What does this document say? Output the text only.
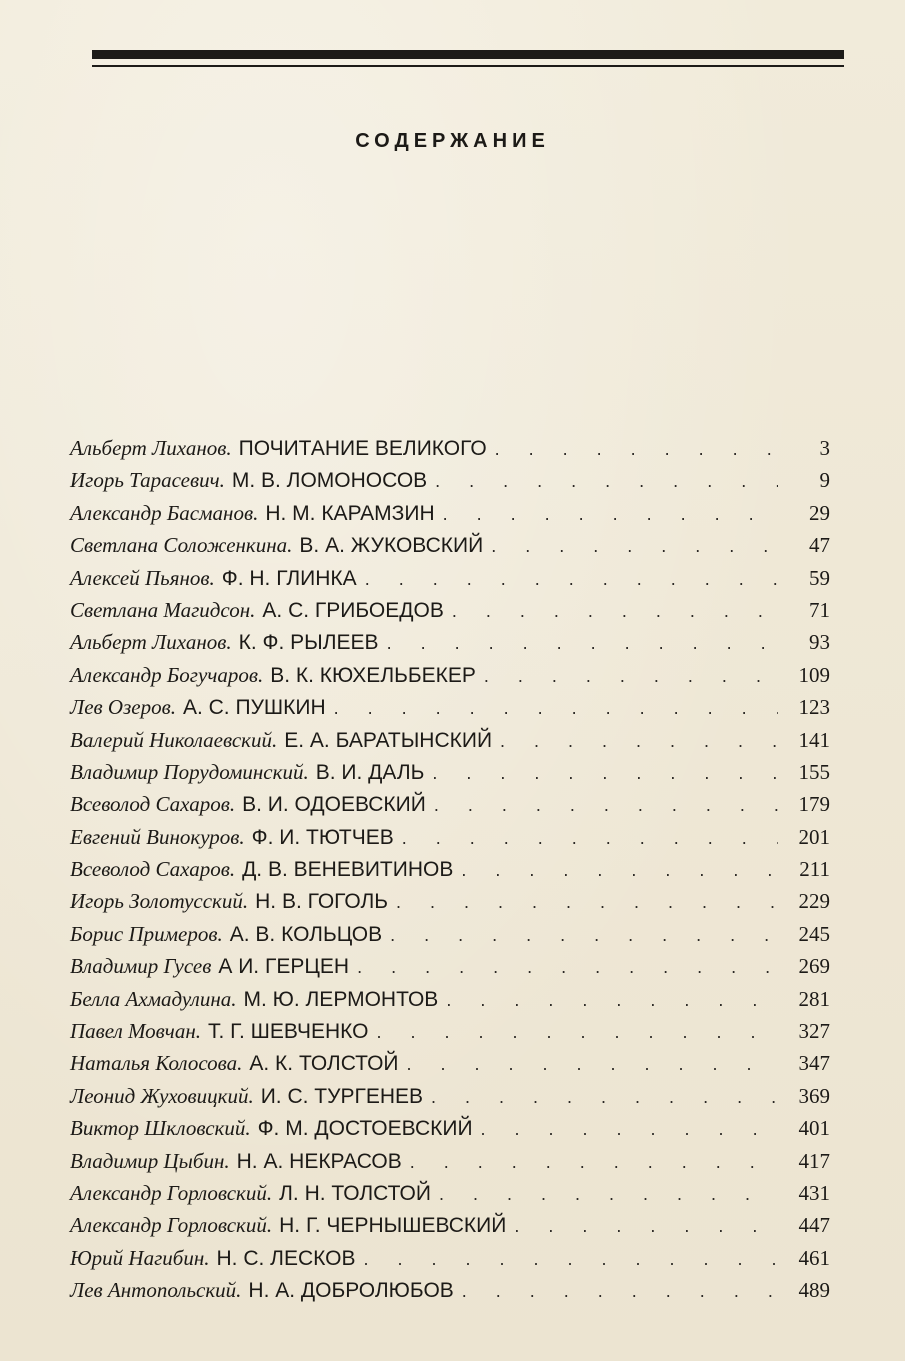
СОДЕРЖАНИЕ
Альберт Лиханов. ПОЧИТАНИЕ ВЕЛИКОГО . . .	3
Игорь Тарасевич. М. В. ЛОМОНОСОВ . . .	9
Александр Басманов. Н. М. КАРАМЗИН . . .	29
Светлана Соложенкина. В. А. ЖУКОВСКИЙ . . .	47
Алексей Пьянов. Ф. Н. ГЛИНКА . . .	59
Светлана Магидсон. А. С. ГРИБОЕДОВ . . .	71
Альберт Лиханов. К. Ф. РЫЛЕЕВ . . .	93
Александр Богучаров. В. К. КЮХЕЛЬБЕКЕР . . .	109
Лев Озеров. А. С. ПУШКИН . . .	123
Валерий Николаевский. Е. А. БАРАТЫНСКИЙ . . .	141
Владимир Порудоминский. В. И. ДАЛЬ . . .	155
Всеволод Сахаров. В. И. ОДОЕВСКИЙ . . .	179
Евгений Винокуров. Ф. И. ТЮТЧЕВ . . .	201
Всеволод Сахаров. Д. В. ВЕНЕВИТИНОВ . . .	211
Игорь Золотусский. Н. В. ГОГОЛЬ . . .	229
Борис Примеров. А. В. КОЛЬЦОВ . . .	245
Владимир Гусев А И. ГЕРЦЕН . . .	269
Белла Ахмадулина. М. Ю. ЛЕРМОНТОВ . . .	281
Павел Мовчан. Т. Г. ШЕВЧЕНКО . . .	327
Наталья Колосова. А. К. ТОЛСТОЙ . . .	347
Леонид Жуховицкий. И. С. ТУРГЕНЕВ . . .	369
Виктор Шкловский. Ф. М. ДОСТОЕВСКИЙ . . .	401
Владимир Цыбин. Н. А. НЕКРАСОВ . . .	417
Александр Горловский. Л. Н. ТОЛСТОЙ . . .	431
Александр Горловский. Н. Г. ЧЕРНЫШЕВСКИЙ . . .	447
Юрий Нагибин. Н. С. ЛЕСКОВ . . .	461
Лев Антопольский. Н. А. ДОБРОЛЮБОВ . . .	489
